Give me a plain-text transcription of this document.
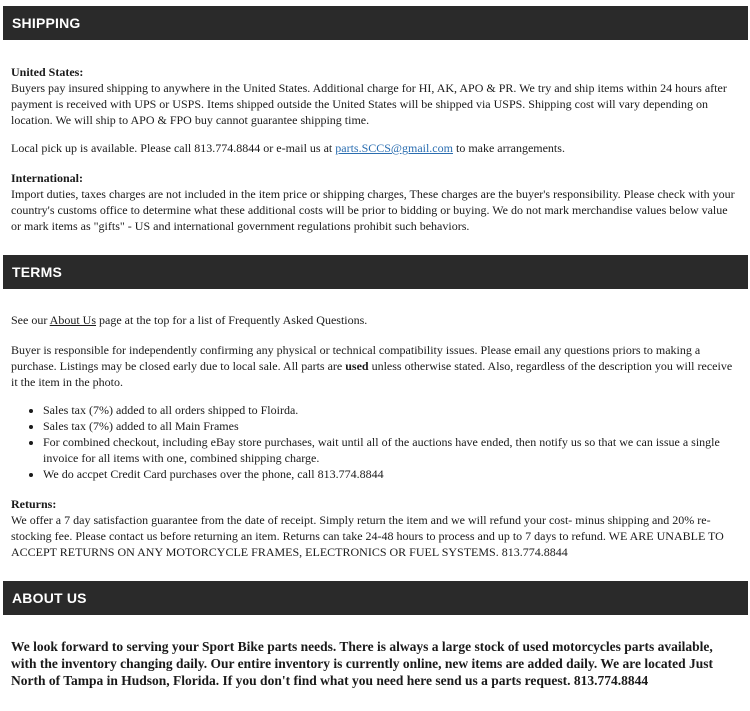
SHIPPING

United States:

Buyers pay insured shipping to anywhere in the United States. Additional charge for HI, AK, APO & PR. We try and ship items within 24 hours after payment is received with UPS or USPS. Items shipped outside the United States will be shipped via USPS. Shipping cost will vary depending on location. We will ship to APO & FPO buy cannot guarantee shipping time.

Local pick up is available. Please call 813.774.8844 or e-mail us at parts.SCCS@gmail.com to make arrangements.

International:

Import duties, taxes charges are not included in the item price or shipping charges, These charges are the buyer's responsibility. Please check with your country's customs office to determine what these additional costs will be prior to bidding or buying. We do not mark merchandise values below value or mark items as "gifts" - US and international government regulations prohibit such behaviors.

TERMS

See our About Us page at the top for a list of Frequently Asked Questions.

Buyer is responsible for independently confirming any physical or technical compatibility issues. Please email any questions priors to making a purchase. Listings may be closed early due to local sale. All parts are used unless otherwise stated. Also, regardless of the description you will receive it the item in the photo.

• Sales tax (7%) added to all orders shipped to Floirda.
• Sales tax (7%) added to all Main Frames
• For combined checkout, including eBay store purchases, wait until all of the auctions have ended, then notify us so that we can issue a single invoice for all items with one, combined shipping charge.
• We do accpet Credit Card purchases over the phone, call 813.774.8844

Returns:

We offer a 7 day satisfaction guarantee from the date of receipt. Simply return the item and we will refund your cost- minus shipping and 20% re-stocking fee. Please contact us before returning an item. Returns can take 24-48 hours to process and up to 7 days to refund. WE ARE UNABLE TO ACCEPT RETURNS ON ANY MOTORCYCLE FRAMES, ELECTRONICS OR FUEL SYSTEMS. 813.774.8844

ABOUT US

We look forward to serving your Sport Bike parts needs. There is always a large stock of used motorcycles parts available, with the inventory changing daily. Our entire inventory is currently online, new items are added daily. We are located Just North of Tampa in Hudson, Florida. If you don't find what you need here send us a parts request. 813.774.8844
